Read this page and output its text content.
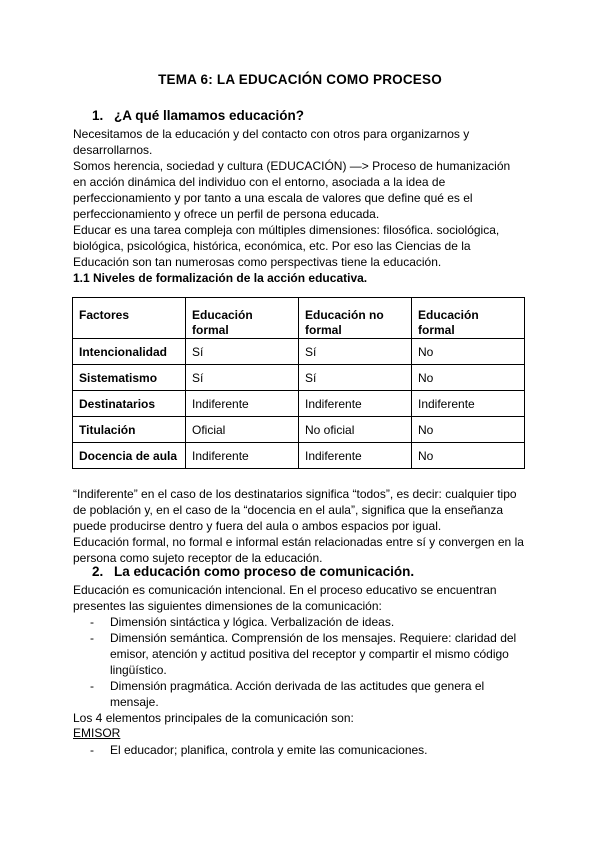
TEMA 6: LA EDUCACIÓN COMO PROCESO
1. ¿A qué llamamos educación?
Necesitamos de la educación y del contacto con otros para organizarnos y
desarrollarnos.
Somos herencia, sociedad y cultura (EDUCACIÓN) —> Proceso de humanización
en acción dinámica del individuo con el entorno, asociada a la idea de
perfeccionamiento y por tanto a una escala de valores que define qué es el
perfeccionamiento y ofrece un perfil de persona educada.
Educar es una tarea compleja con múltiples dimensiones: filosófica. sociológica,
biológica, psicológica, histórica, económica, etc. Por eso las Ciencias de la
Educación son tan numerosas como perspectivas tiene la educación.
1.1 Niveles de formalización de la acción educativa.
Factores	Educación formal	Educación no formal	Educación formal
Intencionalidad	Sí	Sí	No
Sistematismo	Sí	Sí	No
Destinatarios	Indiferente	Indiferente	Indiferente
Titulación	Oficial	No oficial	No
Docencia de aula	Indiferente	Indiferente	No
“Indiferente” en el caso de los destinatarios significa “todos”, es decir: cualquier tipo
de población y, en el caso de la “docencia en el aula”, significa que la enseñanza
puede producirse dentro y fuera del aula o ambos espacios por igual.
Educación formal, no formal e informal están relacionadas entre sí y convergen en la
persona como sujeto receptor de la educación.
2. La educación como proceso de comunicación.
Educación es comunicación intencional. En el proceso educativo se encuentran
presentes las siguientes dimensiones de la comunicación:
- Dimensión sintáctica y lógica. Verbalización de ideas.
- Dimensión semántica. Comprensión de los mensajes. Requiere: claridad del
emisor, atención y actitud positiva del receptor y compartir el mismo código
lingüístico.
- Dimensión pragmática. Acción derivada de las actitudes que genera el
mensaje.
Los 4 elementos principales de la comunicación son:
EMISOR
- El educador; planifica, controla y emite las comunicaciones.
